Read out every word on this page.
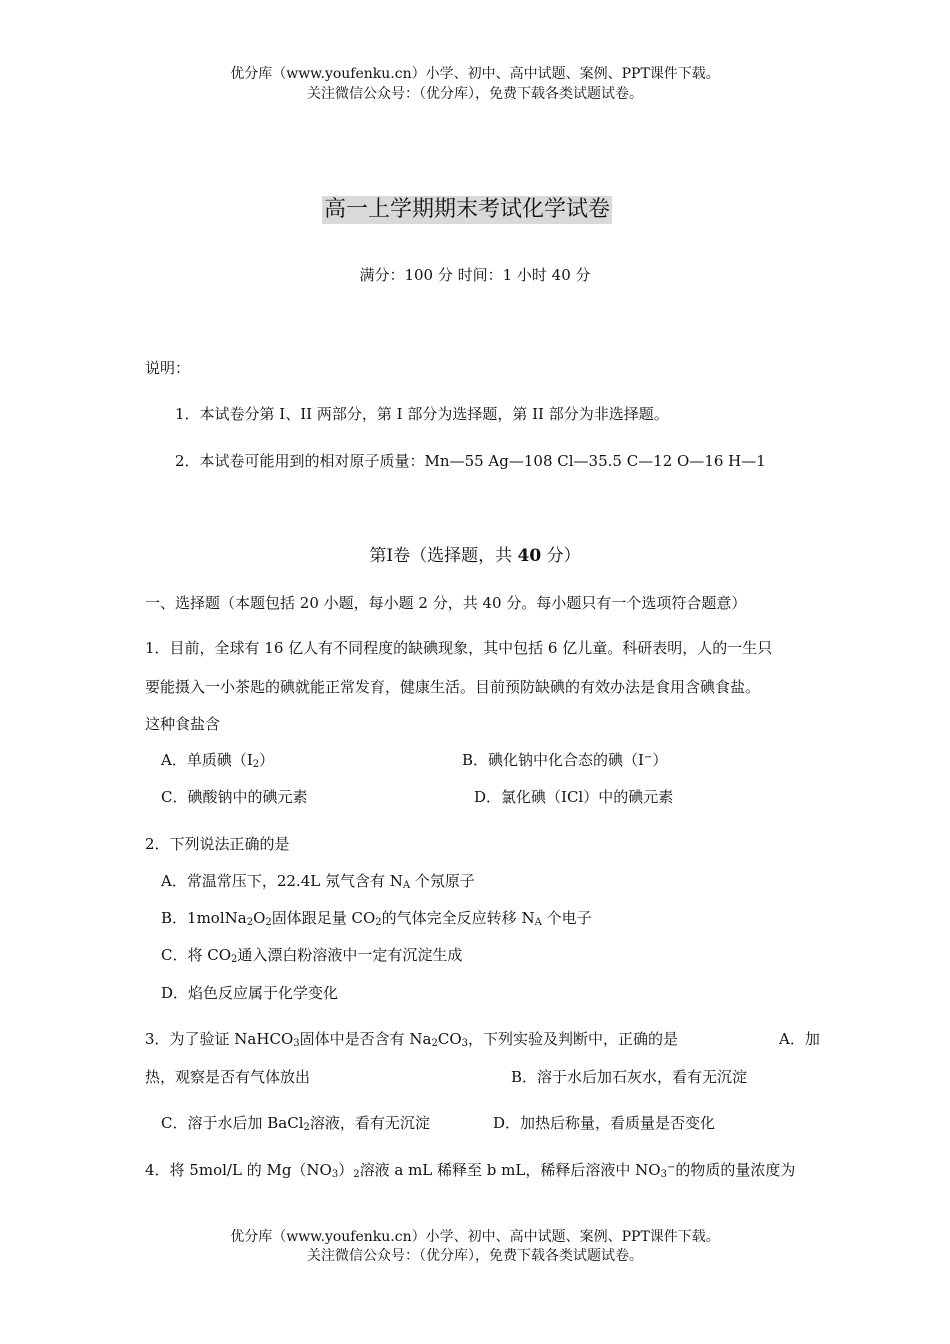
优分库（www.youfenku.cn）小学、初中、高中试题、案例、PPT课件下载。
关注微信公众号：（优分库），免费下载各类试题试卷。
高一上学期期末考试化学试卷
满分：100 分 时间：1 小时 40 分
说明：
1．本试卷分第 I、II 两部分，第 I 部分为选择题，第 II 部分为非选择题。
2．本试卷可能用到的相对原子质量：Mn—55 Ag—108 Cl—35.5 C—12 O—16 H—1
第Ⅰ卷（选择题，共 40 分）
一、选择题（本题包括 20 小题，每小题 2 分，共 40 分。每小题只有一个选项符合题意）
1．目前，全球有 16 亿人有不同程度的缺碘现象，其中包括 6 亿儿童。科研表明，人的一生只
要能摄入一小茶匙的碘就能正常发育，健康生活。目前预防缺碘的有效办法是食用含碘食盐。
这种食盐含
A．单质碘$(I_2)$	B．碘化钠中化合态的碘（I−）
C．碘酸钠中的碘元素	D．氯化碘（ICl）中的碘元素
2．下列说法正确的是
A．常温常压下，22.4L 氖气含有 $N_A$ 个氖原子
B．$1molNa_2O_2$固体跟足量 $CO_2$的气体完全反应转移 $N_A$ 个电子
C．将 $CO_2$通入漂白粉溶液中一定有沉淀生成
D．焰色反应属于化学变化
3．为了验证 NaHCO$_3$固体中是否含有 $Na_2CO_3$，下列实验及判断中，正确的是	A．加
热，观察是否有气体放出	B．溶于水后加石灰水，看有无沉淀
C．溶于水后加 BaCl$_2$溶液，看有无沉淀	D．加热后称量，看质量是否变化
4．将 5mol/L 的 $Mg(NO_3)_2$溶液 a mL 稀释至 b mL，稀释后溶液中 $NO_3^-$的物质的量浓度为
优分库（www.youfenku.cn）小学、初中、高中试题、案例、PPT课件下载。
关注微信公众号：（优分库），免费下载各类试题试卷。
